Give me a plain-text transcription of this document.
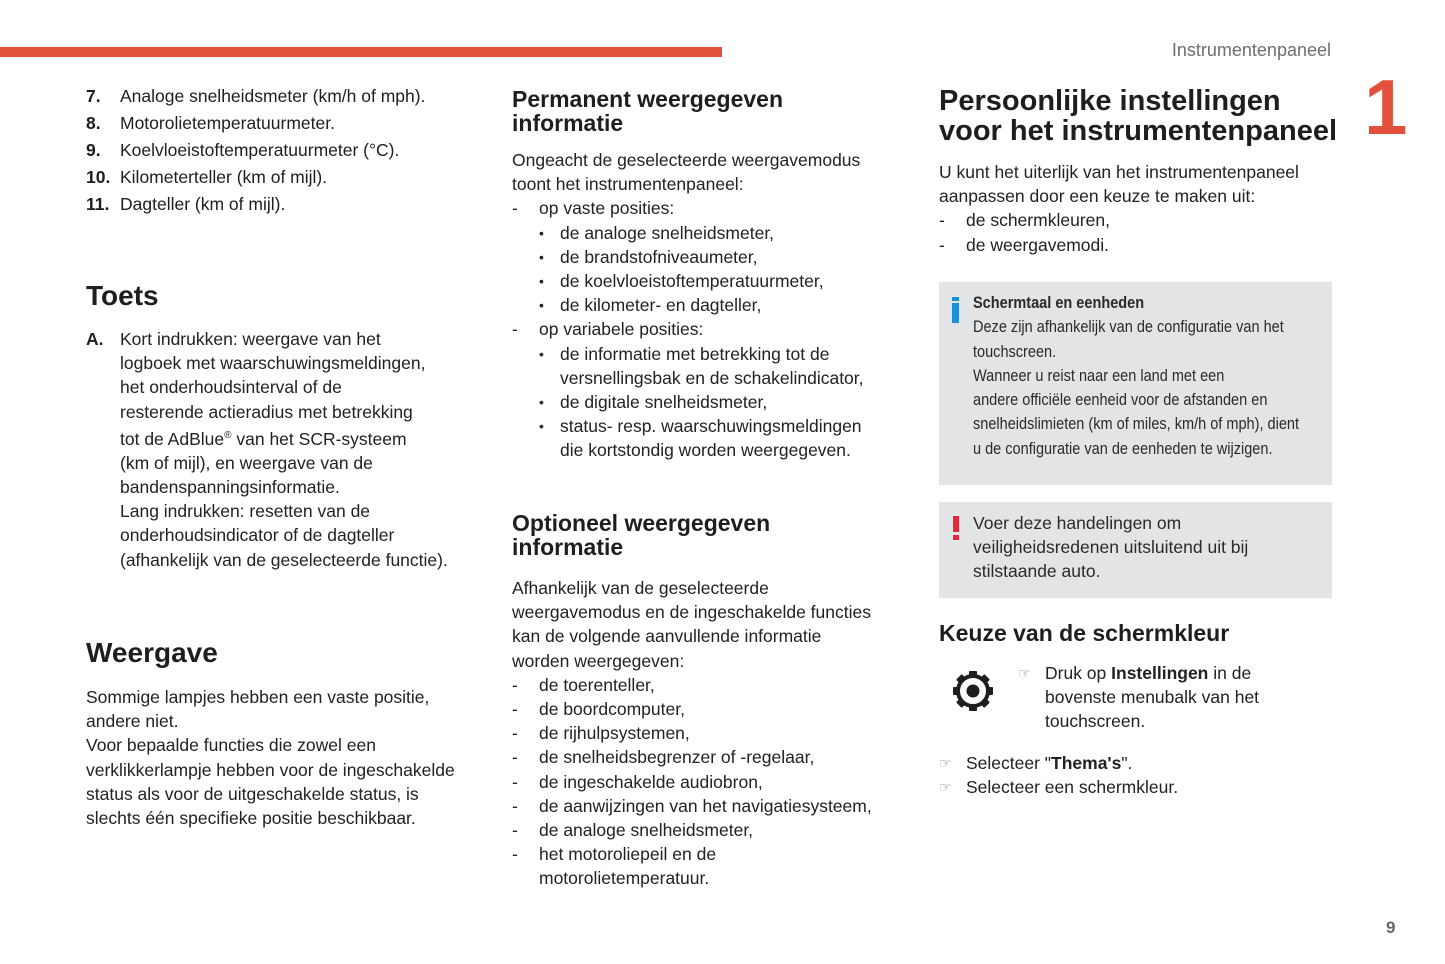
Instrumentenpaneel
1
7.	Analoge snelheidsmeter (km/h of mph).
8.	Motorolietemperatuurmeter.
9.	Koelvloeistoftemperatuurmeter (°C).
10. Kilometerteller (km of mijl).
11. Dagteller (km of mijl).
Toets
A. Kort indrukken: weergave van het
logboek met waarschuwingsmeldingen,
het onderhoudsinterval of de
resterende actieradius met betrekking
tot de AdBlue® van het SCR-systeem
(km of mijl), en weergave van de
bandenspanningsinformatie.
Lang indrukken: resetten van de
onderhoudsindicator of de dagteller
(afhankelijk van de geselecteerde functie).
Weergave
Sommige lampjes hebben een vaste positie,
andere niet.
Voor bepaalde functies die zowel een
verklikkerlampje hebben voor de ingeschakelde
status als voor de uitgeschakelde status, is
slechts één specifieke positie beschikbaar.
Permanent weergegeven
informatie
Ongeacht de geselecteerde weergavemodus
toont het instrumentenpaneel:
-	op vaste posities:
• de analoge snelheidsmeter,
• de brandstofniveaumeter,
• de koelvloeistoftemperatuurmeter,
• de kilometer- en dagteller,
-	op variabele posities:
• de informatie met betrekking tot de
versnellingsbak en de schakelindicator,
• de digitale snelheidsmeter,
• status- resp. waarschuwingsmeldingen
die kortstondig worden weergegeven.
Optioneel weergegeven
informatie
Afhankelijk van de geselecteerde
weergavemodus en de ingeschakelde functies
kan de volgende aanvullende informatie
worden weergegeven:
-	de toerenteller,
-	de boordcomputer,
-	de rijhulpsystemen,
-	de snelheidsbegrenzer of -regelaar,
-	de ingeschakelde audiobron,
-	de aanwijzingen van het navigatiesysteem,
-	de analoge snelheidsmeter,
-	het motoroliepeil en de
motorolietemperatuur.
Persoonlijke instellingen
voor het instrumentenpaneel
U kunt het uiterlijk van het instrumentenpaneel
aanpassen door een keuze te maken uit:
-	de schermkleuren,
-	de weergavemodi.
Schermtaal en eenheden
Deze zijn afhankelijk van de configuratie van het
touchscreen.
Wanneer u reist naar een land met een
andere officiële eenheid voor de afstanden en
snelheidslimieten (km of miles, km/h of mph), dient
u de configuratie van de eenheden te wijzigen.
Voer deze handelingen om
veiligheidsredenen uitsluitend uit bij
stilstaande auto.
Keuze van de schermkleur
☞ Druk op Instellingen in de
bovenste menubalk van het
touchscreen.
☞ Selecteer "Thema's".
☞ Selecteer een schermkleur.
9
